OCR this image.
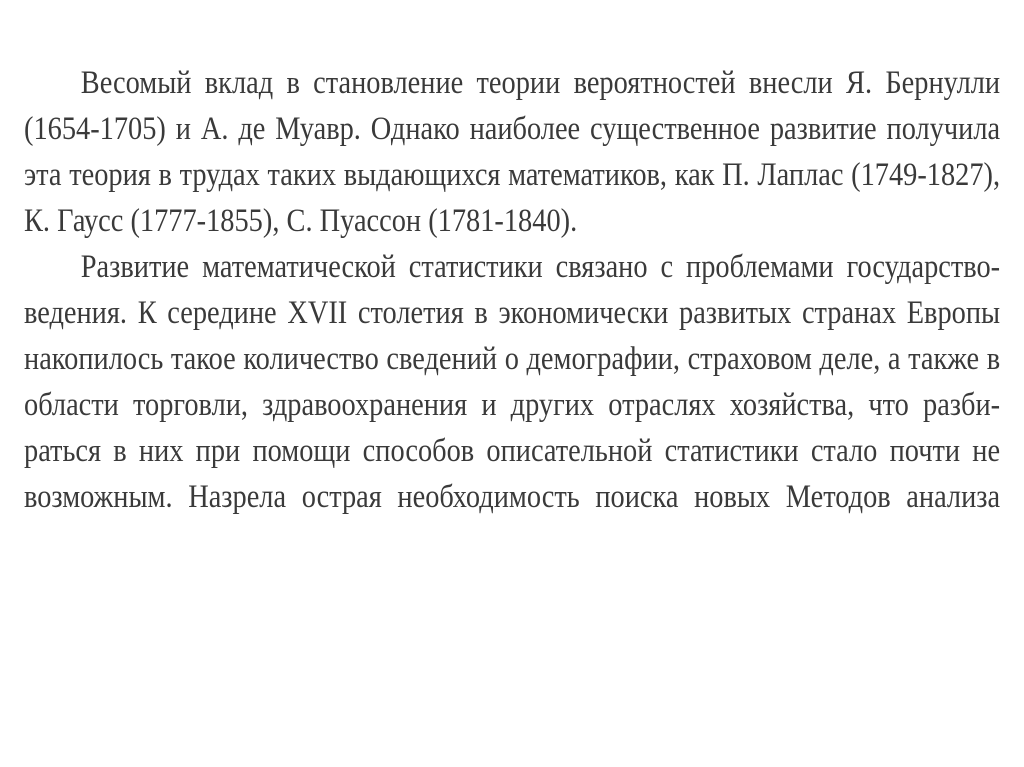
Весомый вклад в становление теории вероятностей внесли Я. Бернулли
(1654-1705) и А. де Муавр. Однако наиболее существенное развитие получила
эта теория в трудах таких выдающихся математиков, как П. Лаплас (1749-1827),
К. Гаусс (1777-1855), С. Пуассон (1781-1840).
Развитие математической статистики связано с проблемами государство-
ведения. К середине XVII столетия в экономически развитых странах Европы
накопилось такое количество сведений о демографии, страховом деле, а также в
области торговли, здравоохранения и других отраслях хозяйства, что разби-
раться в них при помощи способов описательной статистики стало почти не
возможным. Назрела острая необходимость поиска новых Методов анализа
